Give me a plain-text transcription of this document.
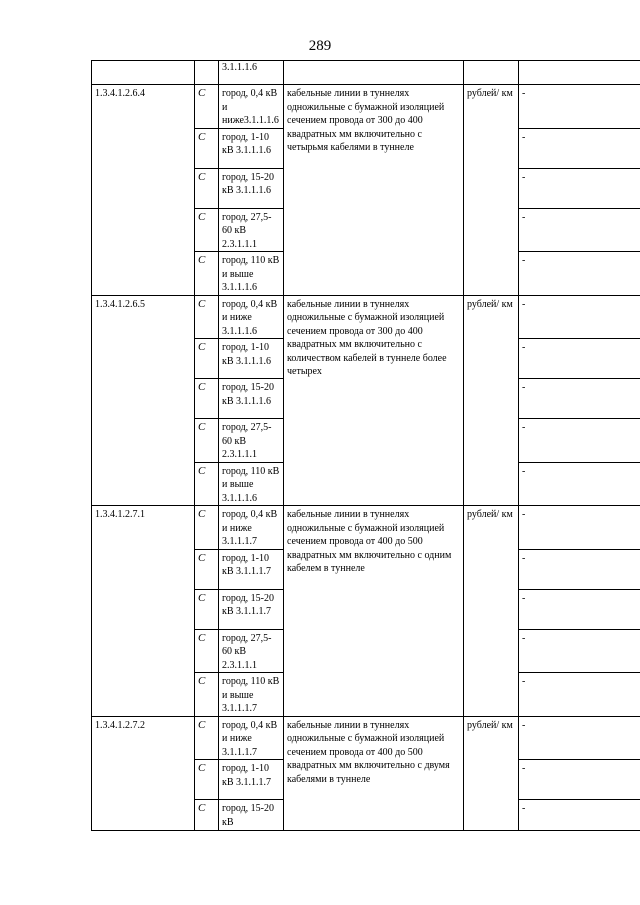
289
		3.1.1.1.6			
1.3.4.1.2.6.4	C	город, 0,4 кВ и ниже3.1.1.1.6	кабельные линии в туннелях одножильные с бумажной изоляцией сечением провода от 300 до 400 квадратных мм включительно с четырьмя кабелями в туннеле	рублей/ км	-
	C	город, 1-10 кВ 3.1.1.1.6			-
	C	город, 15-20 кВ 3.1.1.1.6			-
	C	город, 27,5-60 кВ 2.3.1.1.1			-
	C	город, 110 кВ и выше 3.1.1.1.6			-
1.3.4.1.2.6.5	C	город, 0,4 кВ и ниже 3.1.1.1.6	кабельные линии в туннелях одножильные с бумажной изоляцией сечением провода от 300 до 400 квадратных мм включительно с количеством кабелей в туннеле более четырех	рублей/ км	-
	C	город, 1-10 кВ 3.1.1.1.6			-
	C	город, 15-20 кВ 3.1.1.1.6			-
	C	город, 27,5-60 кВ 2.3.1.1.1			-
	C	город, 110 кВ и выше 3.1.1.1.6			-
1.3.4.1.2.7.1	C	город, 0,4 кВ и ниже 3.1.1.1.7	кабельные линии в туннелях одножильные с бумажной изоляцией сечением провода от 400 до 500 квадратных мм включительно с одним кабелем в туннеле	рублей/ км	-
	C	город, 1-10 кВ 3.1.1.1.7			-
	C	город, 15-20 кВ 3.1.1.1.7			-
	C	город, 27,5-60 кВ 2.3.1.1.1			-
	C	город, 110 кВ и выше 3.1.1.1.7			-
1.3.4.1.2.7.2	C	город, 0,4 кВ и ниже 3.1.1.1.7	кабельные линии в туннелях одножильные с бумажной изоляцией сечением провода от 400 до 500 квадратных мм включительно с двумя кабелями в туннеле	рублей/ км	-
	C	город, 1-10 кВ 3.1.1.1.7			-
	C	город, 15-20 кВ			-
